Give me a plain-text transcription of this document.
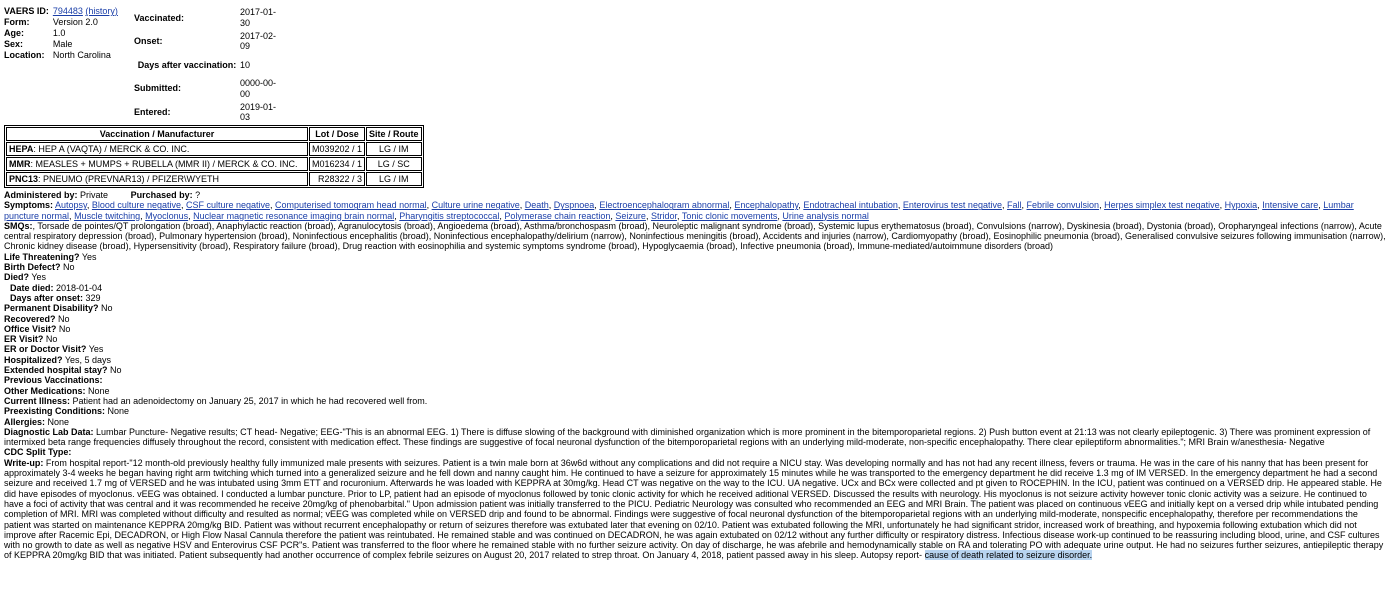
VAERS ID:	794483 (history)
Form:	Version 2.0
Age:	1.0
Sex:	Male
Location:	North Carolina
Vaccinated:	2017-01-30
Onset:	2017-02-09
Days after vaccination:	10
Submitted:	0000-00-00
Entered:	2019-01-03
Vaccination / Manufacturer	Lot / Dose	Site / Route
HEPA: HEP A (VAQTA) / MERCK & CO. INC.	M039202 / 1	LG / IM
MMR: MEASLES + MUMPS + RUBELLA (MMR II) / MERCK & CO. INC.	M016234 / 1	LG / SC
PNC13: PNEUMO (PREVNAR13) / PFIZER\WYETH	R28322 / 3	LG / IM

Administered by: Private	Purchased by: ?

Symptoms: Autopsy, Blood culture negative, CSF culture negative, Computerised tomogram head normal, Culture urine negative, Death, Dyspnoea, Electroencephalogram abnormal, Encephalopathy, Endotracheal intubation, Enterovirus test negative, Fall, Febrile convulsion, Herpes simplex test negative, Hypoxia, Intensive care, Lumbar puncture normal, Muscle twitching, Myoclonus, Nuclear magnetic resonance imaging brain normal, Pharyngitis streptococcal, Polymerase chain reaction, Seizure, Stridor, Tonic clonic movements, Urine analysis normal

SMQs:, Torsade de pointes/QT prolongation (broad), Anaphylactic reaction (broad), Agranulocytosis (broad), Angioedema (broad), Asthma/bronchospasm (broad), Neuroleptic malignant syndrome (broad), Systemic lupus erythematosus (broad), Convulsions (narrow), Dyskinesia (broad), Dystonia (broad), Oropharyngeal infections (narrow), Acute central respiratory depression (broad), Pulmonary hypertension (broad), Noninfectious encephalitis (broad), Noninfectious encephalopathy/delirium (narrow), Noninfectious meningitis (broad), Accidents and injuries (narrow), Cardiomyopathy (broad), Eosinophilic pneumonia (broad), Generalised convulsive seizures following immunisation (narrow), Chronic kidney disease (broad), Hypersensitivity (broad), Respiratory failure (broad), Drug reaction with eosinophilia and systemic symptoms syndrome (broad), Hypoglycaemia (broad), Infective pneumonia (broad), Immune-mediated/autoimmune disorders (broad)

Life Threatening? Yes

Birth Defect? No

Died? Yes

Date died: 2018-01-04

Days after onset: 329

Permanent Disability? No

Recovered? No

Office Visit? No

ER Visit? No

ER or Doctor Visit? Yes

Hospitalized? Yes, 5 days

Extended hospital stay? No

Previous Vaccinations:

Other Medications: None

Current Illness: Patient had an adenoidectomy on January 25, 2017 in which he had recovered well from.

Preexisting Conditions: None

Allergies: None

Diagnostic Lab Data: Lumbar Puncture- Negative results; CT head- Negative; EEG-"This is an abnormal EEG. 1) There is diffuse slowing of the background with diminished organization which is more prominent in the bitemporoparietal regions. 2) Push button event at 21:13 was not clearly epileptogenic. 3) There was prominent expression of intermixed beta range frequencies diffusely throughout the record, consistent with medication effect. These findings are suggestive of focal neuronal dysfunction of the bitemporoparietal regions with an underlying mild-moderate, non-specific encephalopathy. There clear epileptiform abnormalities."; MRI Brain w/anesthesia- Negative

CDC Split Type:

Write-up: From hospital report-"12 month-old previously healthy fully immunized male presents with seizures. Patient is a twin male born at 36w6d without any complications and did not require a NICU stay. Was developing normally and has not had any recent illness, fevers or trauma. He was in the care of his nanny that has been present for approximately 3-4 weeks he began having right arm twitching which turned into a generalized seizure and he fell down and nanny caught him. He continued to have a seizure for approximately 15 minutes while he was transported to the emergency department he did receive 1.3 mg of IM VERSED. In the emergency department he had a second seizure and received 1.7 mg of VERSED and he was intubated using 3mm ETT and rocuronium. Afterwards he was loaded with KEPPRA at 30mg/kg. Head CT was negative on the way to the ICU. UA negative. UCx and BCx were collected and pt given to ROCEPHIN. In the ICU, patient was continued on a VERSED drip. He appeared stable. He did have episodes of myoclonus. vEEG was obtained. I conducted a lumbar puncture. Prior to LP, patient had an episode of myoclonus followed by tonic clonic activity for which he received aditional VERSED. Discussed the results with neurology. His myoclonus is not seizure activity however tonic clonic activity was a seizure. He continued to have a foci of activity that was central and it was recommended he receive 20mg/kg of phenobarbital." Upon admission patient was initially transferred to the PICU. Pediatric Neurology was consulted who recommended an EEG and MRI Brain. The patient was placed on continuous vEEG and initially kept on a versed drip while intubated pending completion of MRI. MRI was completed without difficulty and resulted as normal; vEEG was completed while on VERSED drip and found to be abnormal. Findings were suggestive of focal neuronal dysfunction of the bitemporoparietal regions with an underlying mild-moderate, nonspecific encephalopathy, therefore per recommendations the patient was started on maintenance KEPPRA 20mg/kg BID. Patient was without recurrent encephalopathy or return of seizures therefore was extubated later that evening on 02/10. Patient was extubated following the MRI, unfortunately he had significant stridor, increased work of breathing, and hypoxemia following extubation which did not improve after Racemic Epi, DECADRON, or High Flow Nasal Cannula therefore the patient was reintubated. He remained stable and was continued on DECADRON, he was again extubated on 02/12 without any further difficulty or respiratory distress. Infectious disease work-up continued to be reassuring including blood, urine, and CSF cultures with no growth to date as well as negative HSV and Enterovirus CSF PCR"s. Patient was transferred to the floor where he remained stable with no further seizure activity. On day of discharge, he was afebrile and hemodynamically stable on RA and tolerating PO with adequate urine output. He had no seizures further seizures, antiepileptic therapy of KEPPRA 20mg/kg BID that was initiated. Patient subsequently had another occurrence of complex febrile seizures on August 20, 2017 related to strep throat. On January 4, 2018, patient passed away in his sleep. Autopsy report- cause of death related to seizure disorder.
